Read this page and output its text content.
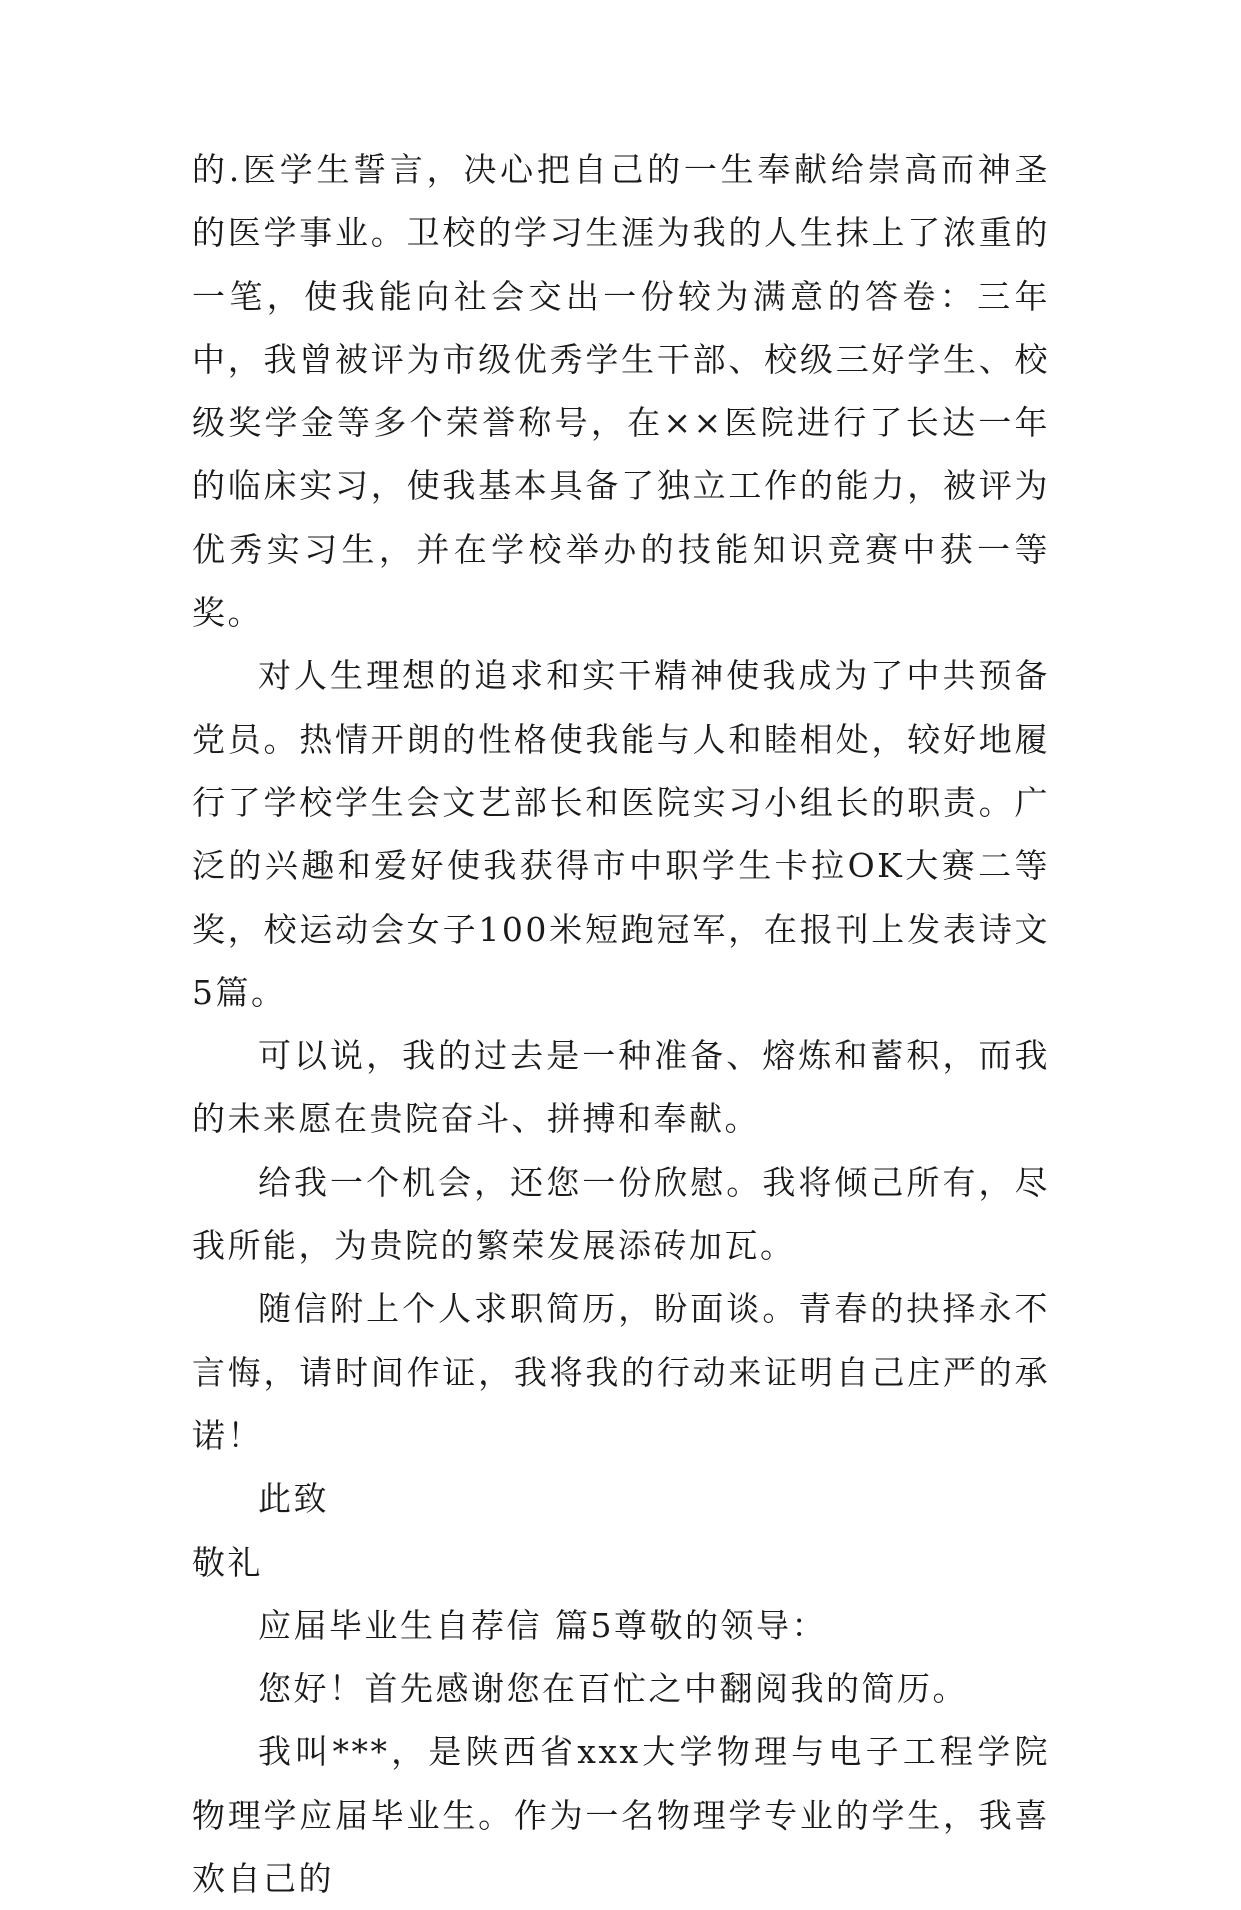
的.医学生誓言，决心把自己的一生奉献给崇高而神圣的医学事业。卫校的学习生涯为我的人生抹上了浓重的一笔，使我能向社会交出一份较为满意的答卷：三年中，我曾被评为市级优秀学生干部、校级三好学生、校级奖学金等多个荣誉称号，在××医院进行了长达一年的临床实习，使我基本具备了独立工作的能力，被评为优秀实习生，并在学校举办的技能知识竞赛中获一等奖。

对人生理想的追求和实干精神使我成为了中共预备党员。热情开朗的性格使我能与人和睦相处，较好地履行了学校学生会文艺部长和医院实习小组长的职责。广泛的兴趣和爱好使我获得市中职学生卡拉OK大赛二等奖，校运动会女子100米短跑冠军，在报刊上发表诗文5篇。

可以说，我的过去是一种准备、熔炼和蓄积，而我的未来愿在贵院奋斗、拼搏和奉献。

给我一个机会，还您一份欣慰。我将倾己所有，尽我所能，为贵院的繁荣发展添砖加瓦。

随信附上个人求职简历，盼面谈。青春的抉择永不言悔，请时间作证，我将我的行动来证明自己庄严的承诺！

此致

敬礼

应届毕业生自荐信 篇5尊敬的领导：

您好！首先感谢您在百忙之中翻阅我的简历。

我叫***，是陕西省xxx大学物理与电子工程学院物理学应届毕业生。作为一名物理学专业的学生，我喜欢自己的
